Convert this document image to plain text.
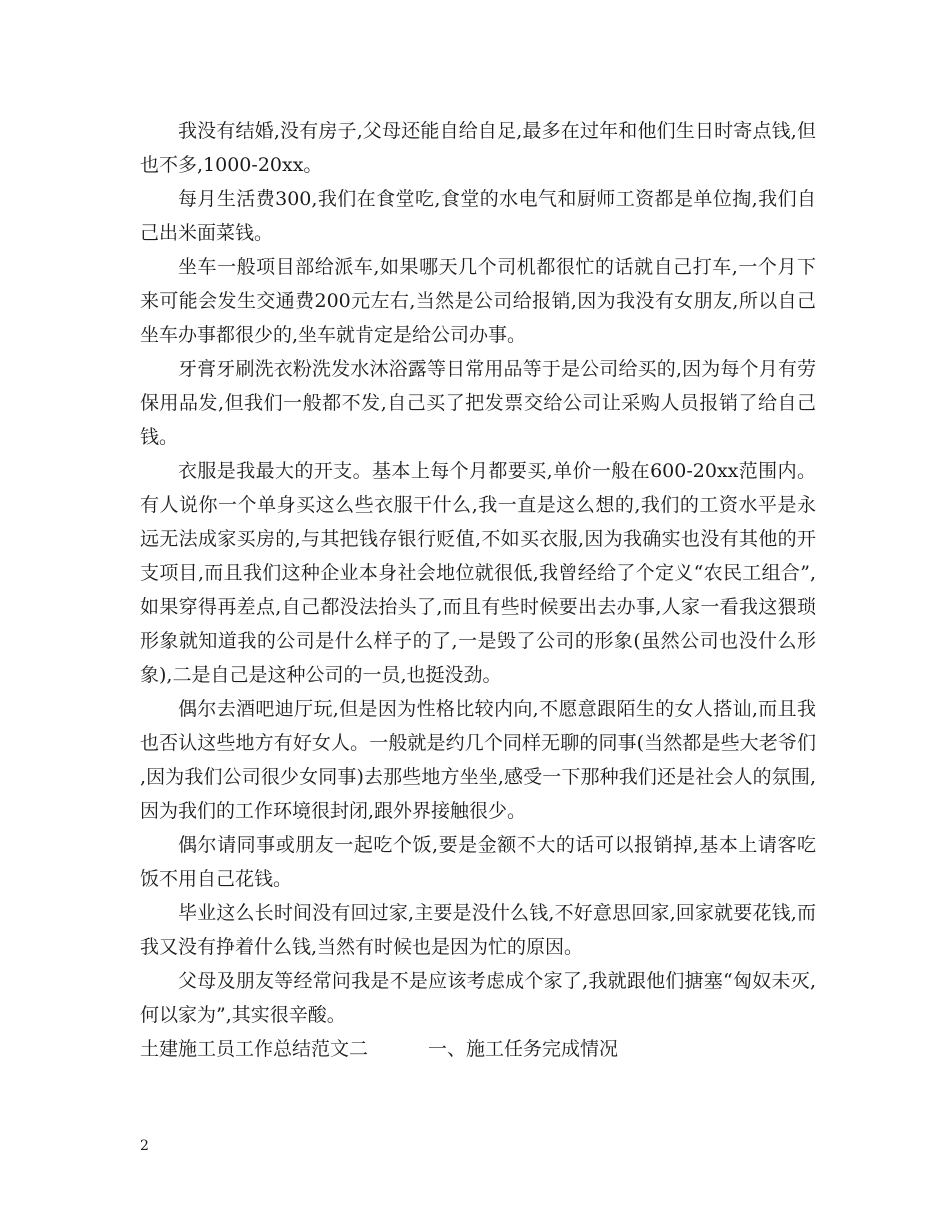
我没有结婚,没有房子,父母还能自给自足,最多在过年和他们生日时寄点钱,但也不多,1000-20xx。

每月生活费300,我们在食堂吃,食堂的水电气和厨师工资都是单位掏,我们自己出米面菜钱。

坐车一般项目部给派车,如果哪天几个司机都很忙的话就自己打车,一个月下来可能会发生交通费200元左右,当然是公司给报销,因为我没有女朋友,所以自己坐车办事都很少的,坐车就肯定是给公司办事。

牙膏牙刷洗衣粉洗发水沐浴露等日常用品等于是公司给买的,因为每个月有劳保用品发,但我们一般都不发,自己买了把发票交给公司让采购人员报销了给自己钱。

衣服是我最大的开支。基本上每个月都要买,单价一般在600-20xx范围内。有人说你一个单身买这么些衣服干什么,我一直是这么想的,我们的工资水平是永远无法成家买房的,与其把钱存银行贬值,不如买衣服,因为我确实也没有其他的开支项目,而且我们这种企业本身社会地位就很低,我曾经给了个定义“农民工组合”,如果穿得再差点,自己都没法抬头了,而且有些时候要出去办事,人家一看我这猥琐形象就知道我的公司是什么样子的了,一是毁了公司的形象(虽然公司也没什么形象),二是自己是这种公司的一员,也挺没劲。

偶尔去酒吧迪厅玩,但是因为性格比较内向,不愿意跟陌生的女人搭讪,而且我也否认这些地方有好女人。一般就是约几个同样无聊的同事(当然都是些大老爷们,因为我们公司很少女同事)去那些地方坐坐,感受一下那种我们还是社会人的氛围,因为我们的工作环境很封闭,跟外界接触很少。

偶尔请同事或朋友一起吃个饭,要是金额不大的话可以报销掉,基本上请客吃饭不用自己花钱。

毕业这么长时间没有回过家,主要是没什么钱,不好意思回家,回家就要花钱,而我又没有挣着什么钱,当然有时候也是因为忙的原因。

父母及朋友等经常问我是不是应该考虑成个家了,我就跟他们搪塞“匈奴未灭,何以家为”,其实很辛酸。

土建施工员工作总结范文二	一、施工任务完成情况

2
